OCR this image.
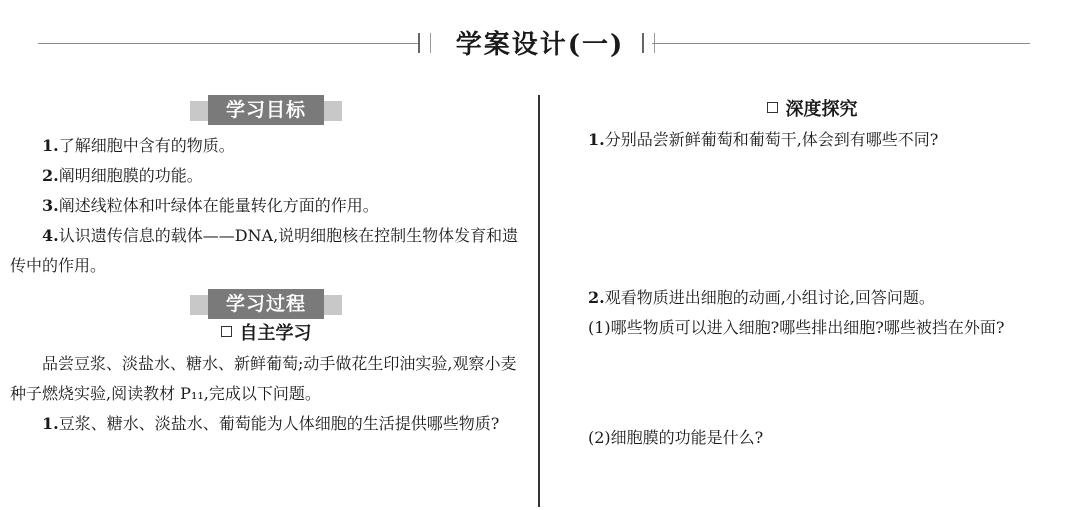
学案设计(一)
学习目标

1.了解细胞中含有的物质。

2.阐明细胞膜的功能。

3.阐述线粒体和叶绿体在能量转化方面的作用。

4.认识遗传信息的载体——DNA,说明细胞核在控制生物体发育和遗传中的作用。

学习过程

自主学习

品尝豆浆、淡盐水、糖水、新鲜葡萄;动手做花生印油实验,观察小麦种子燃烧实验,阅读教材 P₁₁,完成以下问题。

1.豆浆、糖水、淡盐水、葡萄能为人体细胞的生活提供哪些物质?

深度探究

1.分别品尝新鲜葡萄和葡萄干,体会到有哪些不同?

2.观看物质进出细胞的动画,小组讨论,回答问题。

(1)哪些物质可以进入细胞?哪些排出细胞?哪些被挡在外面?

(2)细胞膜的功能是什么?
